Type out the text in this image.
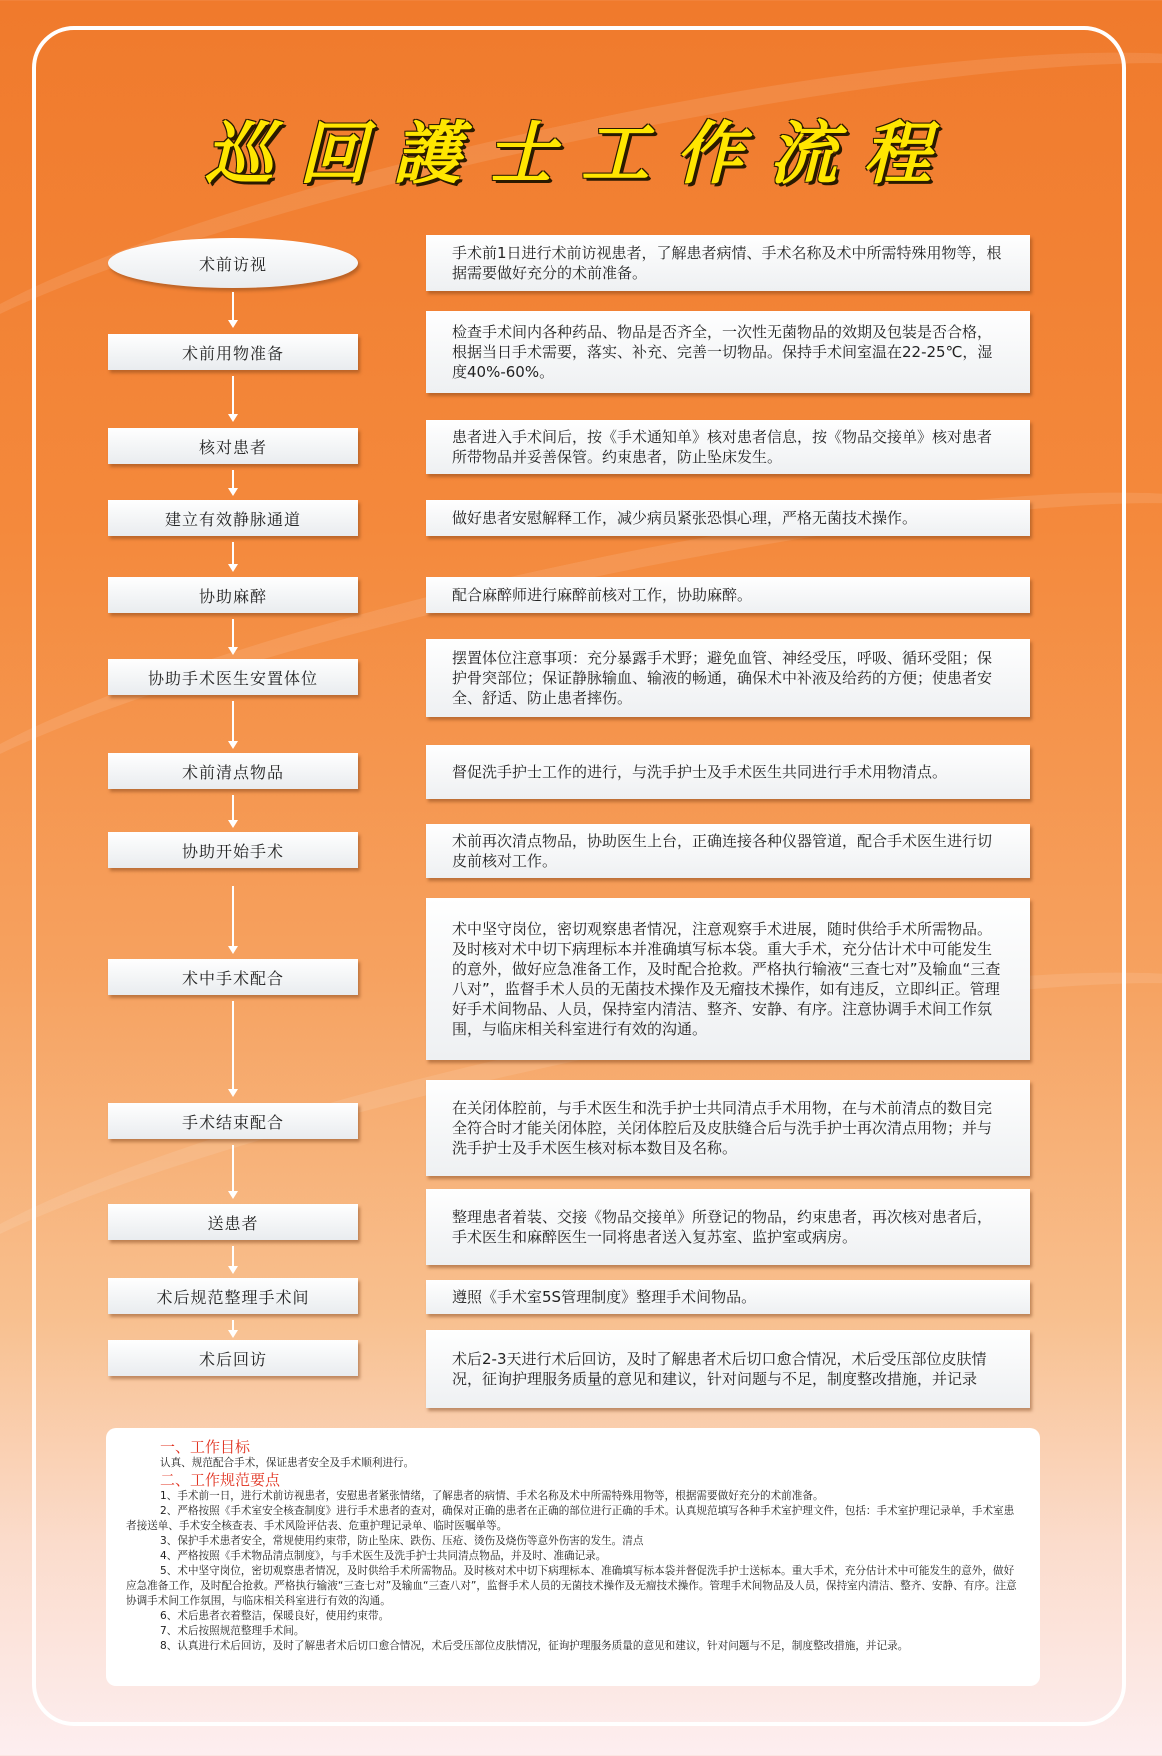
巡回護士工作流程
术前访视
术前用物准备
核对患者
建立有效静脉通道
协助麻醉
协助手术医生安置体位
术前清点物品
协助开始手术
术中手术配合
手术结束配合
送患者
术后规范整理手术间
术后回访
手术前1日进行术前访视患者，了解患者病情、手术名称及术中所需特殊用物等，根据需要做好充分的术前准备。
检查手术间内各种药品、物品是否齐全，一次性无菌物品的效期及包装是否合格，根据当日手术需要，落实、补充、完善一切物品。保持手术间室温在22-25℃，湿度40%-60%。
患者进入手术间后，按《手术通知单》核对患者信息，按《物品交接单》核对患者所带物品并妥善保管。约束患者，防止坠床发生。
做好患者安慰解释工作，减少病员紧张恐惧心理，严格无菌技术操作。
配合麻醉师进行麻醉前核对工作，协助麻醉。
摆置体位注意事项：充分暴露手术野；避免血管、神经受压，呼吸、循环受阻；保护骨突部位；保证静脉输血、输液的畅通，确保术中补液及给药的方便；使患者安全、舒适、防止患者摔伤。
督促洗手护士工作的进行，与洗手护士及手术医生共同进行手术用物清点。
术前再次清点物品，协助医生上台，正确连接各种仪器管道，配合手术医生进行切皮前核对工作。
术中坚守岗位，密切观察患者情况，注意观察手术进展，随时供给手术所需物品。及时核对术中切下病理标本并准确填写标本袋。重大手术，充分估计术中可能发生的意外，做好应急准备工作，及时配合抢救。严格执行输液“三查七对”及输血“三查八对”，监督手术人员的无菌技术操作及无瘤技术操作，如有违反，立即纠正。管理好手术间物品、人员，保持室内清洁、整齐、安静、有序。注意协调手术间工作氛围，与临床相关科室进行有效的沟通。
在关闭体腔前，与手术医生和洗手护士共同清点手术用物，在与术前清点的数目完全符合时才能关闭体腔，关闭体腔后及皮肤缝合后与洗手护士再次清点用物；并与洗手护士及手术医生核对标本数目及名称。
整理患者着装、交接《物品交接单》所登记的物品，约束患者，再次核对患者后，手术医生和麻醉医生一同将患者送入复苏室、监护室或病房。
遵照《手术室5S管理制度》整理手术间物品。
术后2-3天进行术后回访，及时了解患者术后切口愈合情况，术后受压部位皮肤情况，征询护理服务质量的意见和建议，针对问题与不足，制度整改措施，并记录
一、工作目标

认真、规范配合手术，保证患者安全及手术顺利进行。

二、工作规范要点

1、手术前一日，进行术前访视患者，安慰患者紧张情绪，了解患者的病情、手术名称及术中所需特殊用物等，根据需要做好充分的术前准备。

2、严格按照《手术室安全核查制度》进行手术患者的查对，确保对正确的患者在正确的部位进行正确的手术。认真规范填写各种手术室护理文件，包括：手术室护理记录单，手术室患者接送单、手术安全核查表、手术风险评估表、危重护理记录单、临时医嘱单等。

3、保护手术患者安全，常规使用约束带，防止坠床、跌伤、压疮、烫伤及烧伤等意外伤害的发生。清点

4、严格按照《手术物品清点制度》，与手术医生及洗手护士共同清点物品，并及时、准确记录。

5、术中坚守岗位，密切观察患者情况，及时供给手术所需物品。及时核对术中切下病理标本、准确填写标本袋并督促洗手护士送标本。重大手术，充分估计术中可能发生的意外，做好应急准备工作，及时配合抢救。严格执行输液“三查七对”及输血“三查八对”，监督手术人员的无菌技术操作及无瘤技术操作。管理手术间物品及人员，保持室内清洁、整齐、安静、有序。注意协调手术间工作氛围，与临床相关科室进行有效的沟通。

6、术后患者衣着整洁，保暖良好，使用约束带。

7、术后按照规范整理手术间。

8、认真进行术后回访，及时了解患者术后切口愈合情况，术后受压部位皮肤情况，征询护理服务质量的意见和建议，针对问题与不足，制度整改措施，并记录。
